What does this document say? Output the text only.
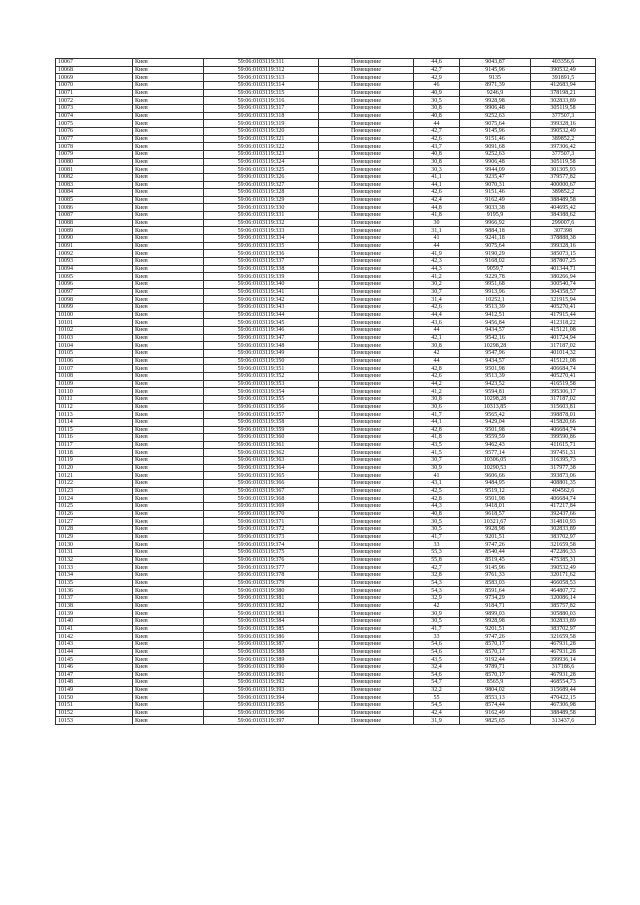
10067	Киев	59:06:0103119:311	Помещение	44,6	9043,87	403356,6
10068	Киев	59:06:0103119:312	Помещение	42,7	9145,96	390532,49
10069	Киев	59:06:0103119:313	Помещение	42,9	9135	391891,5
10070	Киев	59:06:0103119:314	Помещение	46	8971,39	412683,94
10071	Киев	59:06:0103119:315	Помещение	40,9	9246,9	378198,21
10072	Киев	59:06:0103119:316	Помещение	30,5	9928,98	302833,89
10073	Киев	59:06:0103119:317	Помещение	30,8	9906,48	305119,58
10074	Киев	59:06:0103119:318	Помещение	40,8	9252,63	377507,3
10075	Киев	59:06:0103119:319	Помещение	44	9075,64	399328,16
10076	Киев	59:06:0103119:320	Помещение	42,7	9145,96	390532,49
10077	Киев	59:06:0103119:321	Помещение	42,6	9151,46	389852,2
10078	Киев	59:06:0103119:322	Помещение	43,7	9091,68	397306,42
10079	Киев	59:06:0103119:323	Помещение	40,8	9252,63	377507,3
10080	Киев	59:06:0103119:324	Помещение	30,8	9906,48	305119,58
10081	Киев	59:06:0103119:325	Помещение	30,3	9944,09	301305,93
10082	Киев	59:06:0103119:326	Помещение	41,1	9235,47	379577,82
10083	Киев	59:06:0103119:327	Помещение	44,1	9070,31	400000,67
10084	Киев	59:06:0103119:328	Помещение	42,6	9151,46	389852,2
10085	Киев	59:06:0103119:329	Помещение	42,4	9162,49	388489,58
10086	Киев	59:06:0103119:330	Помещение	44,8	9033,38	404695,42
10087	Киев	59:06:0103119:331	Помещение	41,8	9195,9	384388,62
10088	Киев	59:06:0103119:332	Помещение	30	9966,92	299007,6
10089	Киев	59:06:0103119:333	Помещение	31,1	9884,18	307398
10090	Киев	59:06:0103119:334	Помещение	41	9241,18	378888,38
10091	Киев	59:06:0103119:335	Помещение	44	9075,64	399328,16
10092	Киев	59:06:0103119:336	Помещение	41,9	9190,29	385073,15
10093	Киев	59:06:0103119:337	Помещение	42,3	9168,02	387807,25
10094	Киев	59:06:0103119:338	Помещение	44,3	9059,7	401344,71
10095	Киев	59:06:0103119:339	Помещение	41,2	9229,78	380266,94
10096	Киев	59:06:0103119:340	Помещение	30,2	9951,68	300540,74
10097	Киев	59:06:0103119:341	Помещение	30,7	9913,96	304358,57
10098	Киев	59:06:0103119:342	Помещение	31,4	10252,1	321915,94
10099	Киев	59:06:0103119:343	Помещение	42,6	9513,39	405270,41
10100	Киев	59:06:0103119:344	Помещение	44,4	9412,51	417915,44
10101	Киев	59:06:0103119:345	Помещение	43,6	9456,84	412318,22
10102	Киев	59:06:0103119:346	Помещение	44	9434,57	415121,08
10103	Киев	59:06:0103119:347	Помещение	42,1	9542,16	401724,94
10104	Киев	59:06:0103119:348	Помещение	30,8	10298,28	317187,02
10105	Киев	59:06:0103119:349	Помещение	42	9547,96	401014,32
10106	Киев	59:06:0103119:350	Помещение	44	9434,57	415121,08
10107	Киев	59:06:0103119:351	Помещение	42,8	9501,98	406684,74
10108	Киев	59:06:0103119:352	Помещение	42,6	9513,39	405270,41
10109	Киев	59:06:0103119:353	Помещение	44,2	9423,52	416519,58
10110	Киев	59:06:0103119:354	Помещение	41,2	9594,81	395306,17
10111	Киев	59:06:0103119:355	Помещение	30,8	10298,28	317187,02
10112	Киев	59:06:0103119:356	Помещение	30,6	10313,85	315603,81
10113	Киев	59:06:0103119:357	Помещение	41,7	9565,42	398878,01
10114	Киев	59:06:0103119:358	Помещение	44,1	9429,04	415820,66
10115	Киев	59:06:0103119:359	Помещение	42,8	9501,98	406684,74
10116	Киев	59:06:0103119:360	Помещение	41,8	9559,59	399590,86
10117	Киев	59:06:0103119:361	Помещение	43,5	9462,43	411615,71
10118	Киев	59:06:0103119:362	Помещение	41,5	9577,14	397451,31
10119	Киев	59:06:0103119:363	Помещение	30,7	10306,05	316395,73
10120	Киев	59:06:0103119:364	Помещение	30,9	10290,53	317977,38
10121	Киев	59:06:0103119:365	Помещение	41	9606,66	393873,06
10122	Киев	59:06:0103119:366	Помещение	43,1	9484,95	408801,35
10123	Киев	59:06:0103119:367	Помещение	42,5	9519,12	404562,6
10124	Киев	59:06:0103119:368	Помещение	42,8	9501,98	406684,74
10125	Киев	59:06:0103119:369	Помещение	44,3	9418,01	417217,84
10126	Киев	59:06:0103119:370	Помещение	40,8	9618,57	392437,66
10127	Киев	59:06:0103119:371	Помещение	30,5	10321,67	314810,93
10128	Киев	59:06:0103119:372	Помещение	30,5	9928,98	302833,89
10129	Киев	59:06:0103119:373	Помещение	41,7	9201,51	383702,97
10130	Киев	59:06:0103119:374	Помещение	33	9747,26	321659,58
10131	Киев	59:06:0103119:375	Помещение	55,3	8540,44	472286,33
10132	Киев	59:06:0103119:376	Помещение	55,8	8519,45	475385,31
10133	Киев	59:06:0103119:377	Помещение	42,7	9145,96	390532,49
10134	Киев	59:06:0103119:378	Помещение	32,8	9761,33	320171,62
10135	Киев	59:06:0103119:379	Помещение	54,3	8583,03	466058,53
10136	Киев	59:06:0103119:380	Помещение	54,3	8591,64	464807,72
10137	Киев	59:06:0103119:381	Помещение	32,9	9734,29	320086,14
10138	Киев	59:06:0103119:382	Помещение	42	9184,71	385757,82
10139	Киев	59:06:0103119:383	Помещение	30,9	9899,03	305880,03
10140	Киев	59:06:0103119:384	Помещение	30,5	9928,98	302833,89
10141	Киев	59:06:0103119:385	Помещение	41,7	9201,51	383702,97
10142	Киев	59:06:0103119:386	Помещение	33	9747,26	321659,58
10143	Киев	59:06:0103119:387	Помещение	54,6	8570,17	467931,28
10144	Киев	59:06:0103119:388	Помещение	54,6	8570,17	467931,28
10145	Киев	59:06:0103119:389	Помещение	43,5	9192,44	399936,14
10146	Киев	59:06:0103119:390	Помещение	32,4	9789,71	317186,6
10147	Киев	59:06:0103119:391	Помещение	54,6	8570,17	467931,28
10148	Киев	59:06:0103119:392	Помещение	54,7	8565,9	468554,73
10149	Киев	59:06:0103119:393	Помещение	32,2	9804,02	315689,44
10150	Киев	59:06:0103119:394	Помещение	55	8553,13	470422,15
10151	Киев	59:06:0103119:395	Помещение	54,5	8574,44	467306,98
10152	Киев	59:06:0103119:396	Помещение	42,4	9162,49	388489,58
10153	Киев	59:06:0103119:397	Помещение	31,9	9825,65	313437,6
